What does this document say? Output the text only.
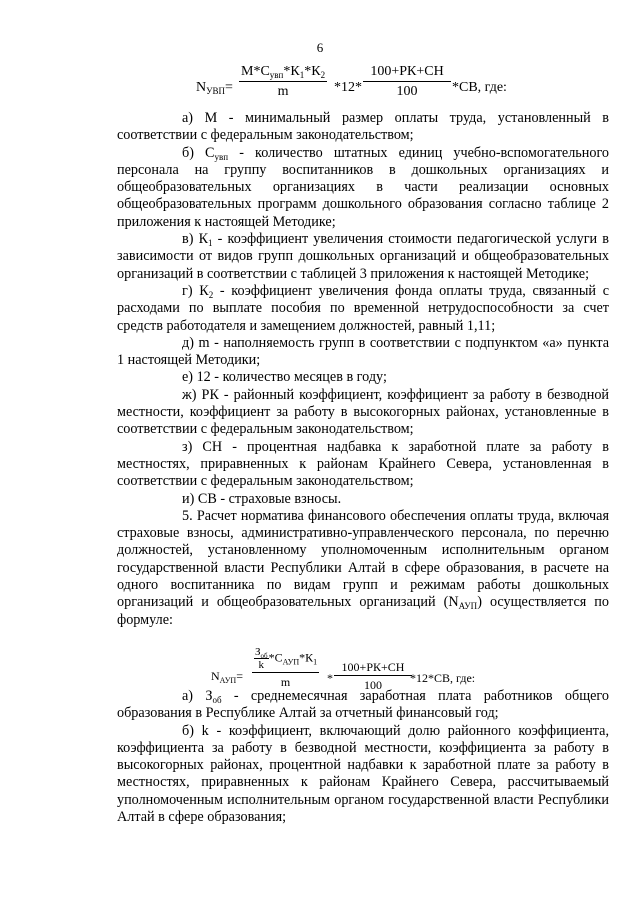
6
$N_{УВП}=$
$М*С_{увп}*К_1*К_2$
m	*12*
100+РК+СН
100	*СВ, где:

а) М - минимальный размер оплаты труда, установленный в соответствии с федеральным законодательством;

б) $С_{увп}$ - количество штатных единиц учебно-вспомогательного персонала на группу воспитанников в дошкольных организациях и общеобразовательных организациях в части реализации основных общеобразовательных программ дошкольного образования согласно таблице 2 приложения к настоящей Методике;

в) $К_1$ - коэффициент увеличения стоимости педагогической услуги в зависимости от видов групп дошкольных организаций и общеобразовательных организаций в соответствии с таблицей 3 приложения к настоящей Методике;

г) $К_2$ - коэффициент увеличения фонда оплаты труда, связанный с расходами по выплате пособия по временной нетрудоспособности за счет средств работодателя и замещением должностей, равный 1,11;

д) m - наполняемость групп в соответствии с подпунктом «а» пункта 1 настоящей Методики;

е) 12 - количество месяцев в году;

ж) РК - районный коэффициент, коэффициент за работу в безводной местности, коэффициент за работу в высокогорных районах, установленные в соответствии с федеральным законодательством;

з) СН - процентная надбавка к заработной плате за работу в местностях, приравненных к районам Крайнего Севера, установленная в соответствии с федеральным законодательством;

и) СВ - страховые взносы.

5. Расчет норматива финансового обеспечения оплаты труда, включая страховые взносы, административно-управленческого персонала, по перечню должностей, установленному уполномоченным исполнительным органом государственной власти Республики Алтай в сфере образования, в расчете на одного воспитанника по видам групп и режимам работы дошкольных организаций и общеобразовательных организаций $(N_{АУП})$ осуществляется по формуле:

$N_{АУП}=$
$З_{об}$
k
$*С_{АУП}*К_1$
m	*
100+РК+СН
100	*12*СВ, где:

а) $З_{об}$ - среднемесячная заработная плата работников общего образования в Республике Алтай за отчетный финансовый год;

б) k - коэффициент, включающий долю районного коэффициента, коэффициента за работу в безводной местности, коэффициента за работу в высокогорных районах, процентной надбавки к заработной плате за работу в местностях, приравненных к районам Крайнего Севера, рассчитываемый уполномоченным исполнительным органом государственной власти Республики Алтай в сфере образования;
